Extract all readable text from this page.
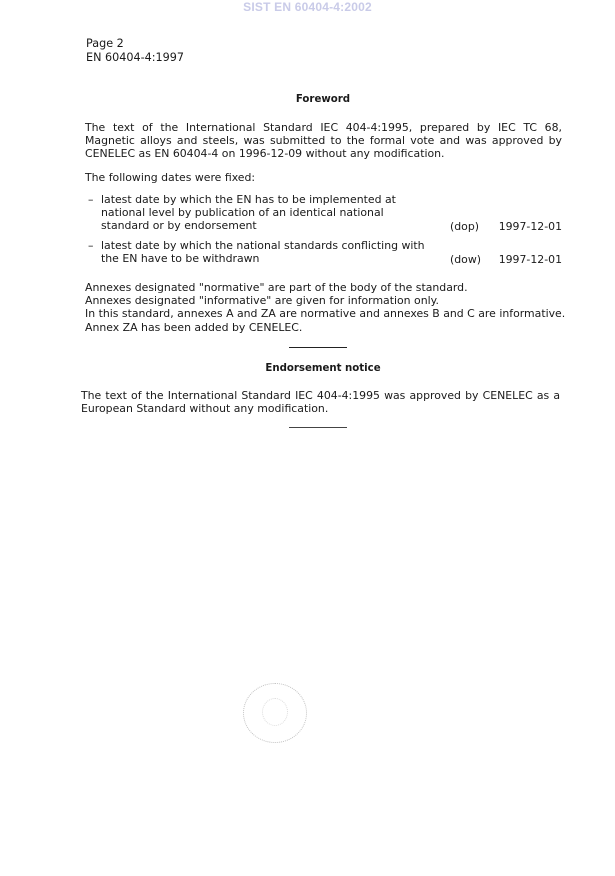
SIST EN 60404-4:2002
Page 2
EN 60404-4:1997
Foreword
The text of the International Standard IEC 404-4:1995, prepared by IEC TC 68, Magnetic alloys and steels, was submitted to the formal vote and was approved by CENELEC as EN 60404-4 on 1996-12-09 without any modification.
The following dates were fixed:
– latest date by which the EN has to be implemented at national level by publication of an identical national standard or by endorsement	(dop) 1997-12-01
– latest date by which the national standards conflicting with the EN have to be withdrawn	(dow) 1997-12-01
Annexes designated "normative" are part of the body of the standard.
Annexes designated "informative" are given for information only.
In this standard, annexes A and ZA are normative and annexes B and C are informative.
Annex ZA has been added by CENELEC.
Endorsement notice
The text of the International Standard IEC 404-4:1995 was approved by CENELEC as a European Standard without any modification.
